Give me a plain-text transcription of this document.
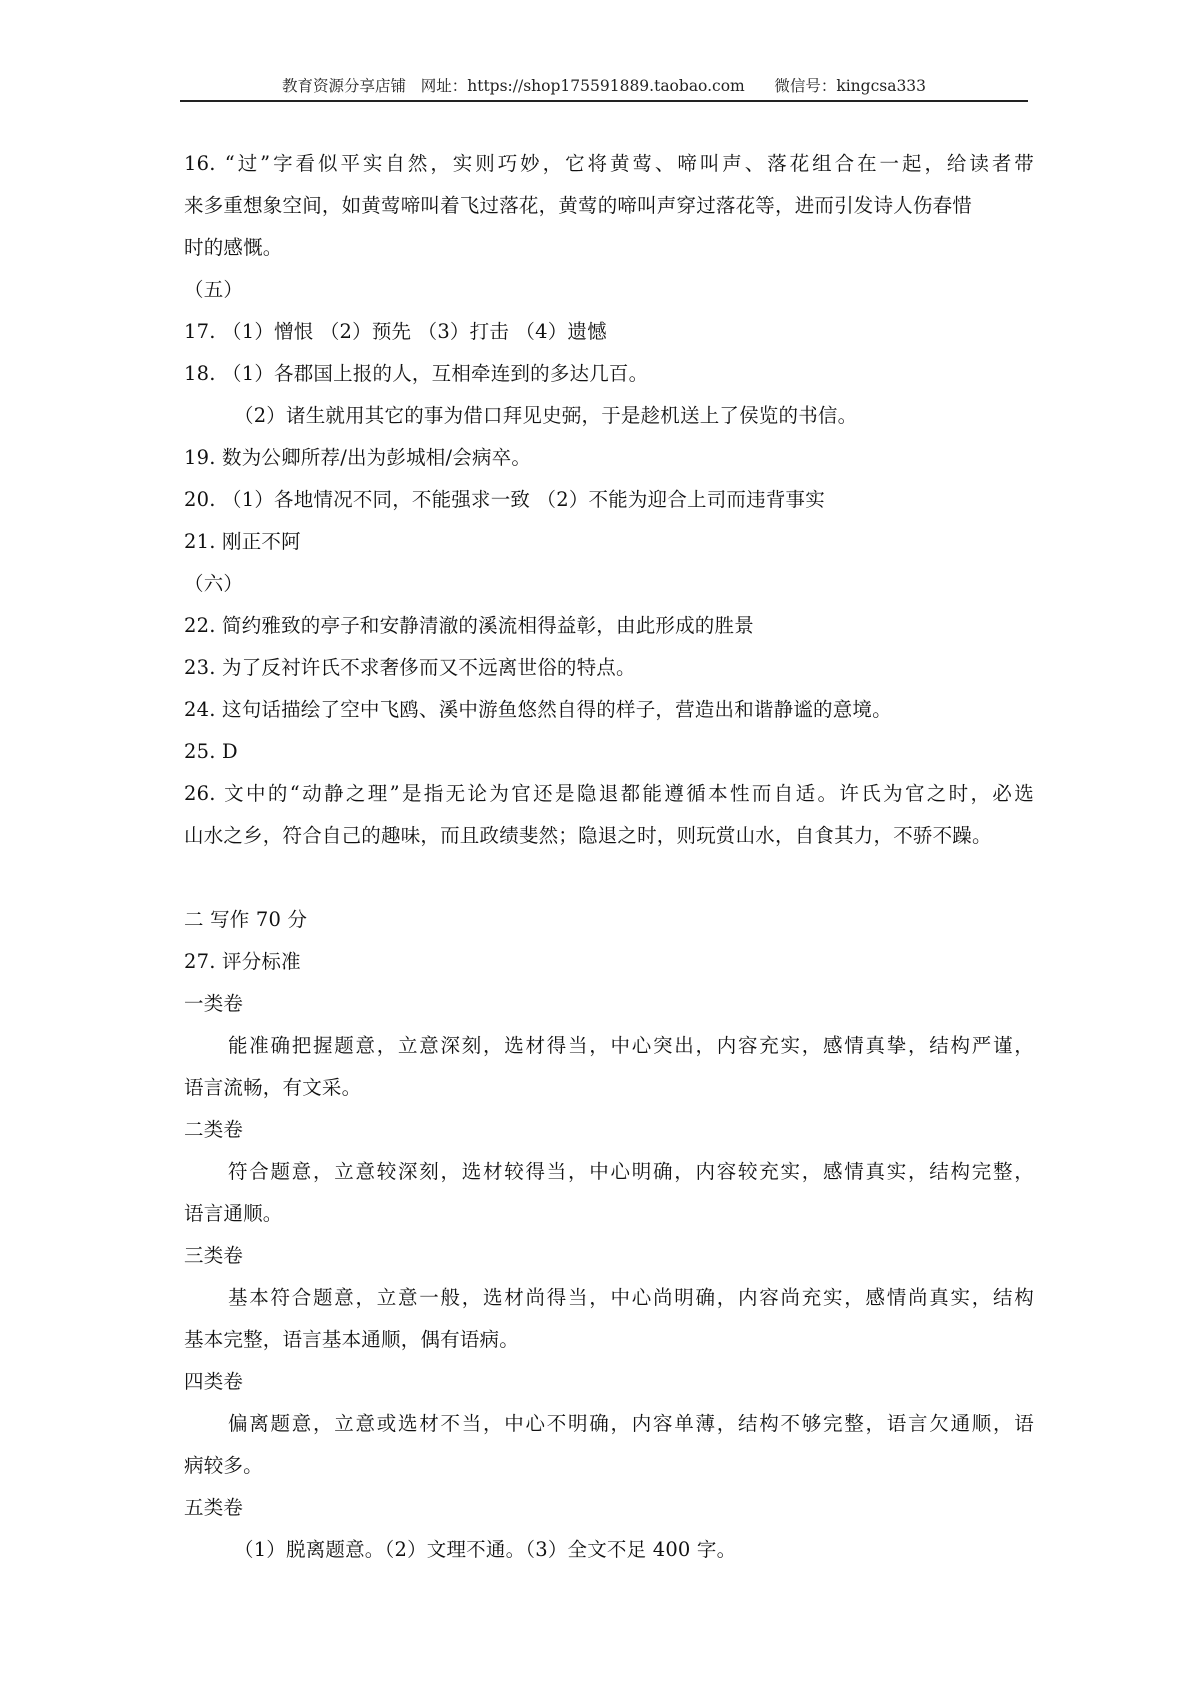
教育资源分享店铺   网址：https://shop175591889.taobao.com      微信号：kingcsa333
16. “过”字看似平实自然，实则巧妙，它将黄莺、啼叫声、落花组合在一起，给读者带
来多重想象空间，如黄莺啼叫着飞过落花，黄莺的啼叫声穿过落花等，进而引发诗人伤春惜
时的感慨。
（五）
17. （1）憎恨 （2）预先 （3）打击 （4）遗憾
18. （1）各郡国上报的人，互相牵连到的多达几百。
（2）诸生就用其它的事为借口拜见史弼，于是趁机送上了侯览的书信。
19. 数为公卿所荐/出为彭城相/会病卒。
20. （1）各地情况不同，不能强求一致 （2）不能为迎合上司而违背事实
21. 刚正不阿
（六）
22. 简约雅致的亭子和安静清澈的溪流相得益彰，由此形成的胜景
23. 为了反衬许氏不求奢侈而又不远离世俗的特点。
24. 这句话描绘了空中飞鸥、溪中游鱼悠然自得的样子，营造出和谐静谧的意境。
25. D
26. 文中的“动静之理”是指无论为官还是隐退都能遵循本性而自适。许氏为官之时，必选
山水之乡，符合自己的趣味，而且政绩斐然；隐退之时，则玩赏山水，自食其力，不骄不躁。
二 写作 70 分
27. 评分标准
一类卷
能准确把握题意，立意深刻，选材得当，中心突出，内容充实，感情真挚，结构严谨，
语言流畅，有文采。
二类卷
符合题意，立意较深刻，选材较得当，中心明确，内容较充实，感情真实，结构完整，
语言通顺。
三类卷
基本符合题意，立意一般，选材尚得当，中心尚明确，内容尚充实，感情尚真实，结构
基本完整，语言基本通顺，偶有语病。
四类卷
偏离题意，立意或选材不当，中心不明确，内容单薄，结构不够完整，语言欠通顺，语
病较多。
五类卷
（1）脱离题意。（2）文理不通。（3）全文不足 400 字。
